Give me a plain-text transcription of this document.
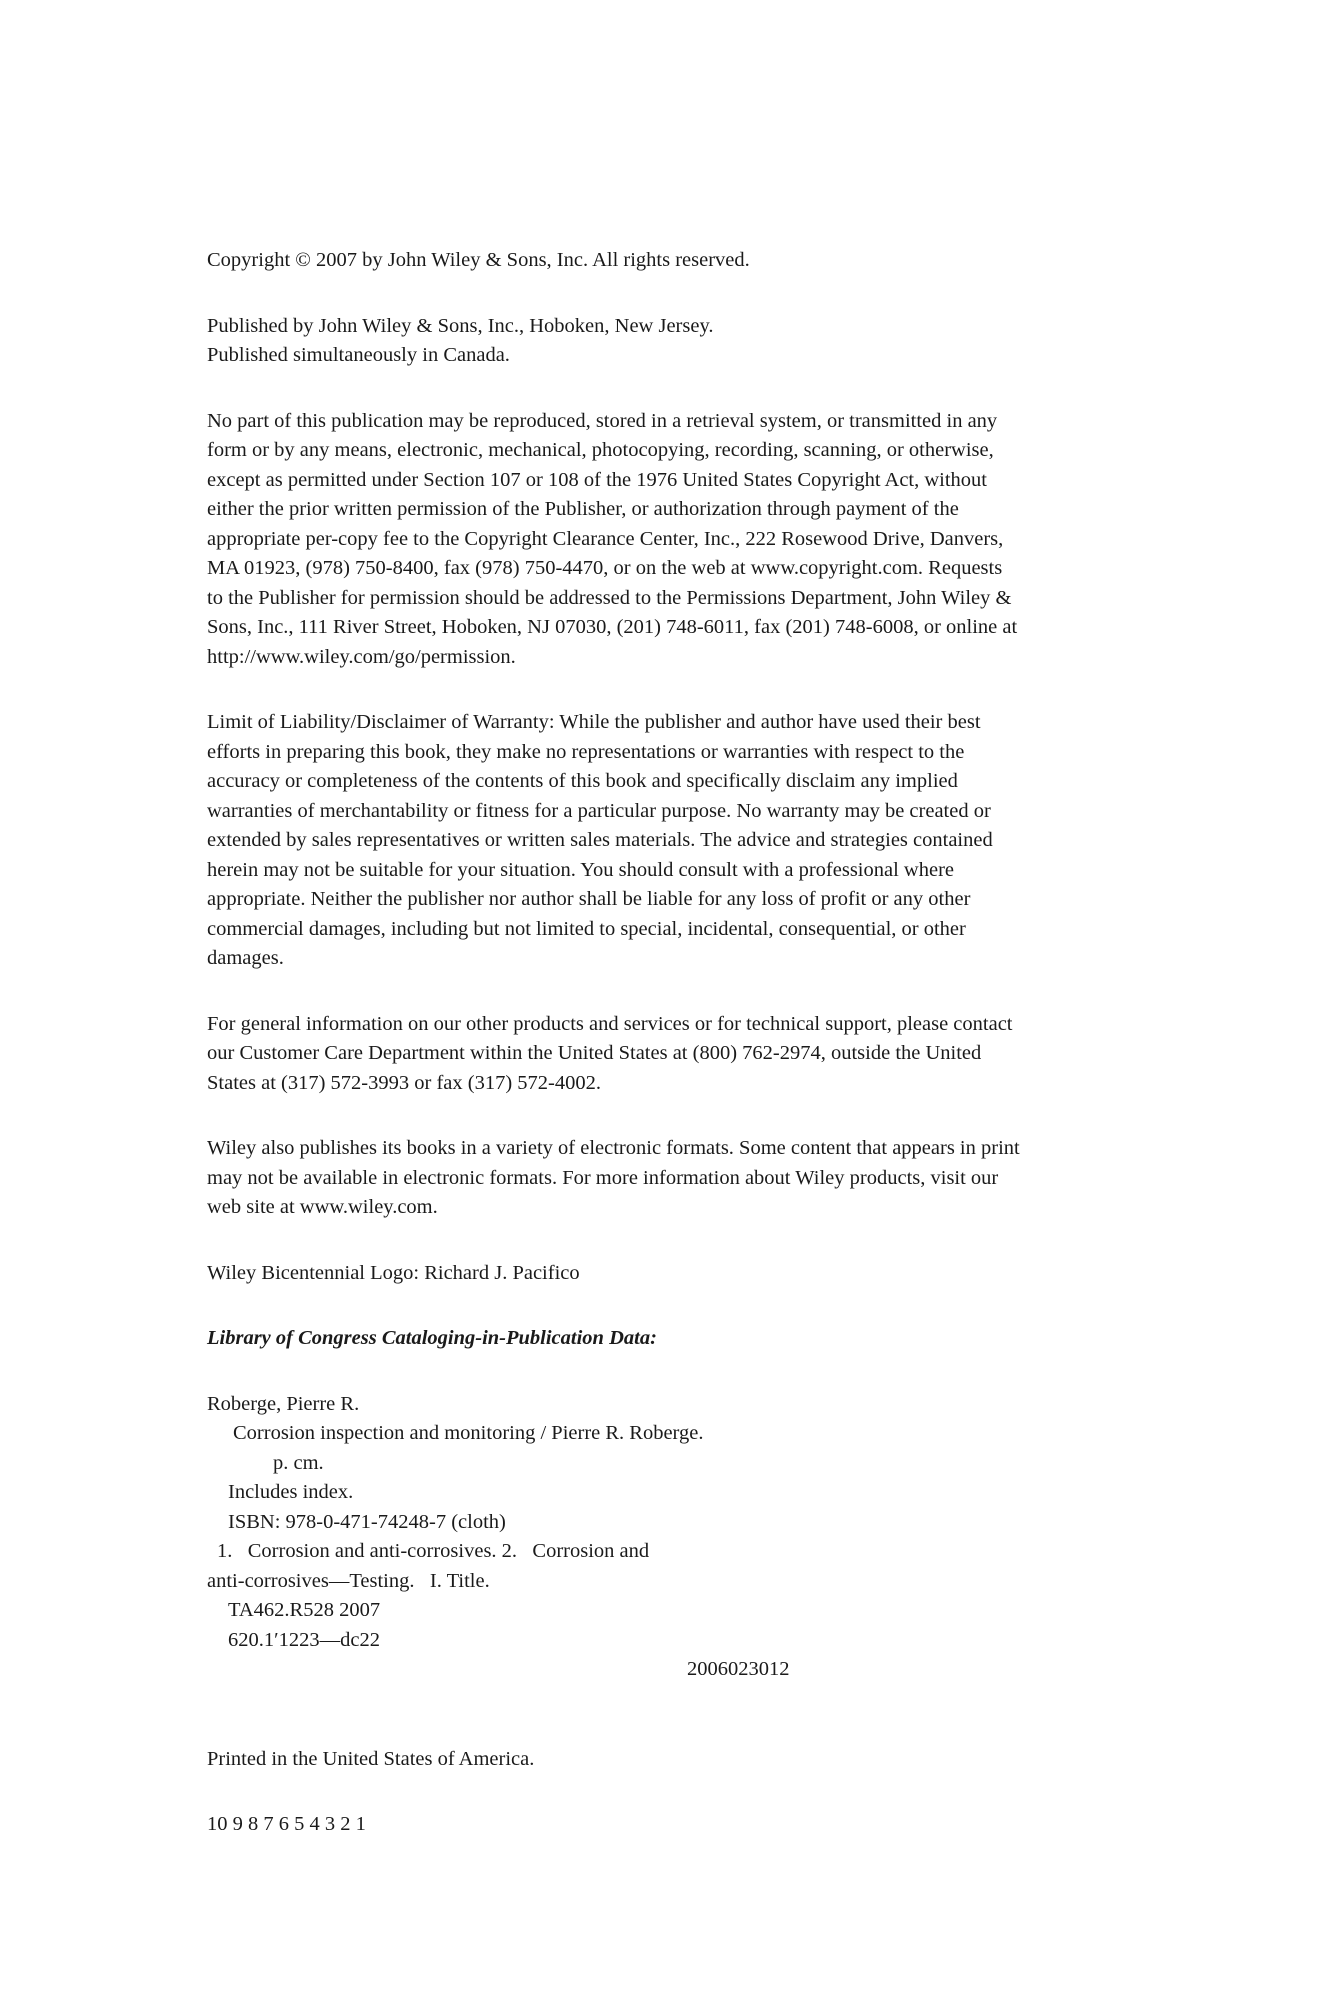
Copyright © 2007 by John Wiley & Sons, Inc. All rights reserved.

Published by John Wiley & Sons, Inc., Hoboken, New Jersey.
Published simultaneously in Canada.

No part of this publication may be reproduced, stored in a retrieval system, or transmitted in any
form or by any means, electronic, mechanical, photocopying, recording, scanning, or otherwise,
except as permitted under Section 107 or 108 of the 1976 United States Copyright Act, without
either the prior written permission of the Publisher, or authorization through payment of the
appropriate per-copy fee to the Copyright Clearance Center, Inc., 222 Rosewood Drive, Danvers,
MA 01923, (978) 750-8400, fax (978) 750-4470, or on the web at www.copyright.com. Requests
to the Publisher for permission should be addressed to the Permissions Department, John Wiley &
Sons, Inc., 111 River Street, Hoboken, NJ 07030, (201) 748-6011, fax (201) 748-6008, or online at
http://www.wiley.com/go/permission.

Limit of Liability/Disclaimer of Warranty: While the publisher and author have used their best
efforts in preparing this book, they make no representations or warranties with respect to the
accuracy or completeness of the contents of this book and specifically disclaim any implied
warranties of merchantability or fitness for a particular purpose. No warranty may be created or
extended by sales representatives or written sales materials. The advice and strategies contained
herein may not be suitable for your situation. You should consult with a professional where
appropriate. Neither the publisher nor author shall be liable for any loss of profit or any other
commercial damages, including but not limited to special, incidental, consequential, or other
damages.

For general information on our other products and services or for technical support, please contact
our Customer Care Department within the United States at (800) 762-2974, outside the United
States at (317) 572-3993 or fax (317) 572-4002.

Wiley also publishes its books in a variety of electronic formats. Some content that appears in print
may not be available in electronic formats. For more information about Wiley products, visit our
web site at www.wiley.com.

Wiley Bicentennial Logo: Richard J. Pacifico

Library of Congress Cataloging-in-Publication Data:

Roberge, Pierre R.
Corrosion inspection and monitoring / Pierre R. Roberge.
p. cm.
Includes index.
ISBN: 978-0-471-74248-7 (cloth)
1.   Corrosion and anti-corrosives. 2.   Corrosion and
anti-corrosives—Testing.   I. Title.
TA462.R528 2007
620.1′1223—dc22
2006023012

Printed in the United States of America.

10 9 8 7 6 5 4 3 2 1
